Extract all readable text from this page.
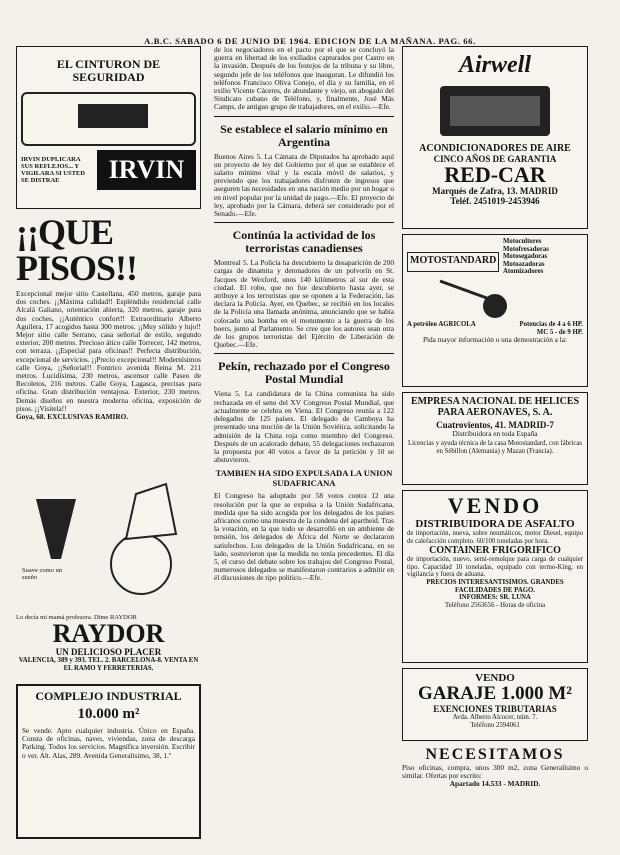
A.B.C. SABADO 6 DE JUNIO DE 1964. EDICION DE LA MAÑANA. PAG. 66.
EL CINTURON DE SEGURIDAD
IRVIN DUPLICARA SUS REFLEJOS... Y VIGILARA SI USTED SE DISTRAE	IRVIN
¡¡QUE PISOS!!
Excepcional mejor sitio Castellana, 450 metros, garaje para dos coches. ¡¡Máxima calidad!! Espléndido residencial calle Alcalá Galiano, orientación abierta, 320 metros, garaje para dos coches, ¡¡Auténtico confort!! Extraordinario Alberto Aguilera, 17 acogidos hasta 300 metros. ¡¡Muy sólido y lujo!! Mejor sitio calle Serrano, casa señorial de estilo, segundo exterior, 200 metros. Precioso ático calle Torrecer, 142 metros, con terraza. ¡¡Especial para oficinas!! Perfecta distribución, excepcional de servicios. ¡¡Precio excepcional!! Modernísimos calle Goya, ¡¡Señorial!! Fontrico avenida Reina M. 211 metros. Lucidísima, 230 metros, ascensor calle Paseo de Recoletos, 216 metros. Calle Goya, Lagasca, precisas para oficina. Gran distribución ventajosa. Exterior, 230 metros. Demás diseños en nuestra moderna oficina, exposición de pisos. ¡¡Visítela!!
Goya, 68. EXCLUSIVAS RAMIRO.
Suave como un sueño
Lo decía mi mamá profesora. Dime RAYDOR
RAYDOR
UN DELICIOSO PLACER
VALENCIA, 389 y 393. TEL. 2. BARCELONA-8. VENTA EN EL RAMO Y FERRETERIAS.
COMPLEJO INDUSTRIAL
10.000 m²
Se vende. Apto cualquier industria. Único en España. Consta de oficinas, naves, viviendas, zona de descarga Parking. Todos los servicios. Magnífica inversión. Escribir o ver. Alt. Alas, 289. Avenida Generalísimo, 38, 1.º
de los negociadores en el pacto por el que se concluyó la guerra en libertad de los exiliados capturados por Castro en la invasión. Después de los festejos de la tribuna y su libre, segundo jefe de los teléfonos que inauguran. Le difundió los teléfonos Francisco Oliva Conejo, el día y su familia, en el exilio Vicente Cáceres, de abundante y viejo, un abogado del Sindicato cubano de Teléfono, y, finalmente, José Más Camps, de antiguo grupo de trabajadores, en el exilio.—Efe.
Se establece el salario mínimo en Argentina
Buenos Aires 5. La Cámara de Diputados ha aprobado aquí un proyecto de ley del Gobierno por el que se establece el salario mínimo vital y la escala móvil de salarios, y previendo que los trabajadores disfruten de ingresos que aseguren las necesidades en una nación medio por un hogar o en nivel popular por la unidad de pago.—Efe. El proyecto de ley, aprobado por la Cámara, deberá ser considerado por el Senado.—Efe.
Continúa la actividad de los terroristas canadienses
Montreal 5. La Policía ha descubierto la desaparición de 200 cargas de dinamita y detonadores de un polvorín en St. Jacques de Wexford, unos 140 kilómetros al sur de esta ciudad. El robo, que no fue descubierto hasta ayer, se atribuye a los terroristas que se oponen a la Federación, las declara la Policía. Ayer, en Quebec, se recibió en los locales de la Policía una llamada anónima, anunciando que se había colocado una bomba en el monumento a la guerra de los boers, junto al Parlamento. Se cree que los autores sean otra de los grupos terroristas del Ejército de Liberación de Quebec.—Efe.
Pekín, rechazado por el Congreso Postal Mundial
Viena 5. La candidatura de la China comunista ha sido rechazada en el seno del XV Congreso Postal Mundial, que actualmente se celebra en Viena. El Congreso reunía a 122 delegados de 125 países. El delegado de Camboya ha presentado una moción de la Unión Soviética, solicitando la admisión de la China roja como miembro del Congreso. Después de un acalorado debate, 55 delegaciones rechazaron la propuesta por 40 votos a favor de la petición y 10 se abstuvieron.
TAMBIEN HA SIDO EXPULSADA LA UNION SUDAFRICANA
El Congreso ha adoptado por 58 votos contra 12 una resolución por la que se expulsa a la Unión Sudafricana, medida que ha sido acogida por los delegados de los países africanos como una muestra de la condena del apartheid. Tras la votación, en la que todo se desarrolló en un ambiente de tensión, los delegados de África del Norte se declararon satisfechos. Los delegados de la Unión Sudafricana, en su lado, sostuvieron que la medida no tenía precedentes. El día 5, el curso del debate sobre los trabajos del Congreso Postal, numerosos delegados se manifestaron contrarios a admitir en él discusiones de tipo político.—Efe.
Airwell
ACONDICIONADORES DE AIRE
CINCO AÑOS DE GARANTIA
RED-CAR
Marqués de Zafra, 13. MADRID
Teléf. 2451019-2453946
MOTOSTANDARD
Motocultores
Motofresadoras
Motosegadoras
Motoazadoras
Atomizadores
A petróleo AGRICOLA	Potencias de 4 a 6 HP. MC 5 - de 9 HP.
Pida mayor información o una demostración a la:
EMPRESA NACIONAL DE HELICES PARA AERONAVES, S. A.
Cuatrovientos, 41. MADRID-7
Distribuidora en toda España
Licencias y ayuda técnica de la casa Motostandard, con fábricas en Sébillon (Alemania) y Mazan (Francia).
VENDO
DISTRIBUIDORA DE ASFALTO
de importación, nueva, sobre neumáticos, motor Diesel, equipo de calefacción completo. 60/100 toneladas por hora.
CONTAINER FRIGORIFICO
de importación, nuevo, semi-remolque para carga de cualquier tipo. Capacidad 10 toneladas, equipado con termo-King, en vigilancia y fuera de aduana.
PRECIOS INTERESANTISIMOS. GRANDES FACILIDADES DE PAGO.
INFORMES: SR. LUNA
Teléfono 2563656 - Horas de oficina
VENDO
GARAJE 1.000 M²
EXENCIONES TRIBUTARIAS
Avda. Alberto Alcocer, núm. 7.
Teléfono 2594061
NECESITAMOS
Piso oficinas, compra, unos 300 m2, zona Generalísimo o similar. Ofertas por escrito:
Apartado 14.533 - MADRID.
